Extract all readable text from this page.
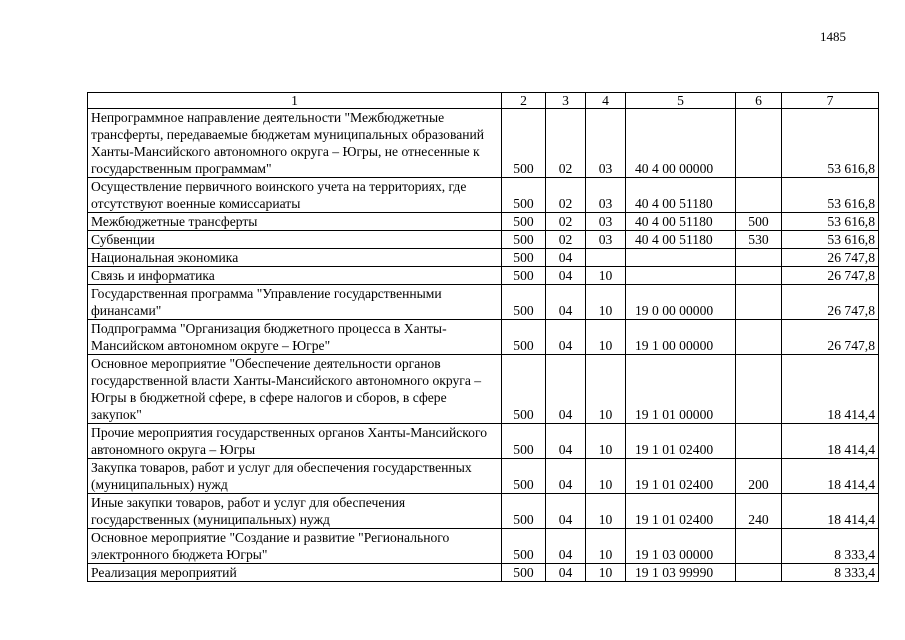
1485
1	2	3	4	5	6	7
Непрограммное направление деятельности "Межбюджетные трансферты, передаваемые бюджетам муниципальных образований Ханты-Мансийского автономного округа – Югры, не отнесенные к государственным программам"	500	02	03	40 4 00 00000		53 616,8
Осуществление первичного воинского учета на территориях, где отсутствуют военные комиссариаты	500	02	03	40 4 00 51180		53 616,8
Межбюджетные трансферты	500	02	03	40 4 00 51180	500	53 616,8
Субвенции	500	02	03	40 4 00 51180	530	53 616,8
Национальная экономика	500	04				26 747,8
Связь и информатика	500	04	10			26 747,8
Государственная программа "Управление государственными финансами"	500	04	10	19 0 00 00000		26 747,8
Подпрограмма "Организация бюджетного процесса в Ханты-Мансийском автономном округе – Югре"	500	04	10	19 1 00 00000		26 747,8
Основное мероприятие "Обеспечение деятельности органов государственной власти Ханты-Мансийского автономного округа – Югры в бюджетной сфере, в сфере налогов и сборов, в сфере закупок"	500	04	10	19 1 01 00000		18 414,4
Прочие мероприятия государственных органов Ханты-Мансийского автономного округа – Югры	500	04	10	19 1 01 02400		18 414,4
Закупка товаров, работ и услуг для обеспечения государственных (муниципальных) нужд	500	04	10	19 1 01 02400	200	18 414,4
Иные закупки товаров, работ и услуг для обеспечения государственных (муниципальных) нужд	500	04	10	19 1 01 02400	240	18 414,4
Основное мероприятие "Создание и развитие "Регионального электронного бюджета Югры"	500	04	10	19 1 03 00000		8 333,4
Реализация мероприятий	500	04	10	19 1 03 99990		8 333,4
